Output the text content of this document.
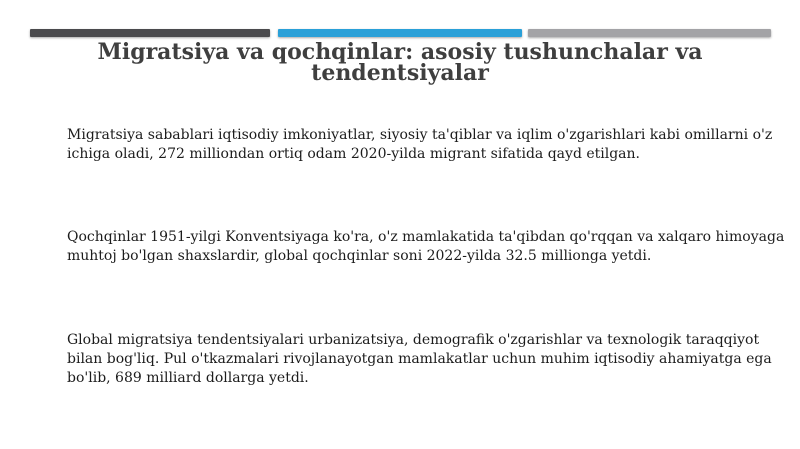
Migratsiya va qochqinlar: asosiy tushunchalar va tendentsiyalar

Migratsiya sabablari iqtisodiy imkoniyatlar, siyosiy ta'qiblar va iqlim o'zgarishlari kabi omillarni o'z ichiga oladi, 272 milliondan ortiq odam 2020-yilda migrant sifatida qayd etilgan.

Qochqinlar 1951-yilgi Konventsiyaga ko'ra, o'z mamlakatida ta'qibdan qo'rqqan va xalqaro himoyaga muhtoj bo'lgan shaxslardir, global qochqinlar soni 2022-yilda 32.5 millionga yetdi.

Global migratsiya tendentsiyalari urbanizatsiya, demografik o'zgarishlar va texnologik taraqqiyot bilan bog'liq. Pul o'tkazmalari rivojlanayotgan mamlakatlar uchun muhim iqtisodiy ahamiyatga ega bo'lib, 689 milliard dollarga yetdi.
